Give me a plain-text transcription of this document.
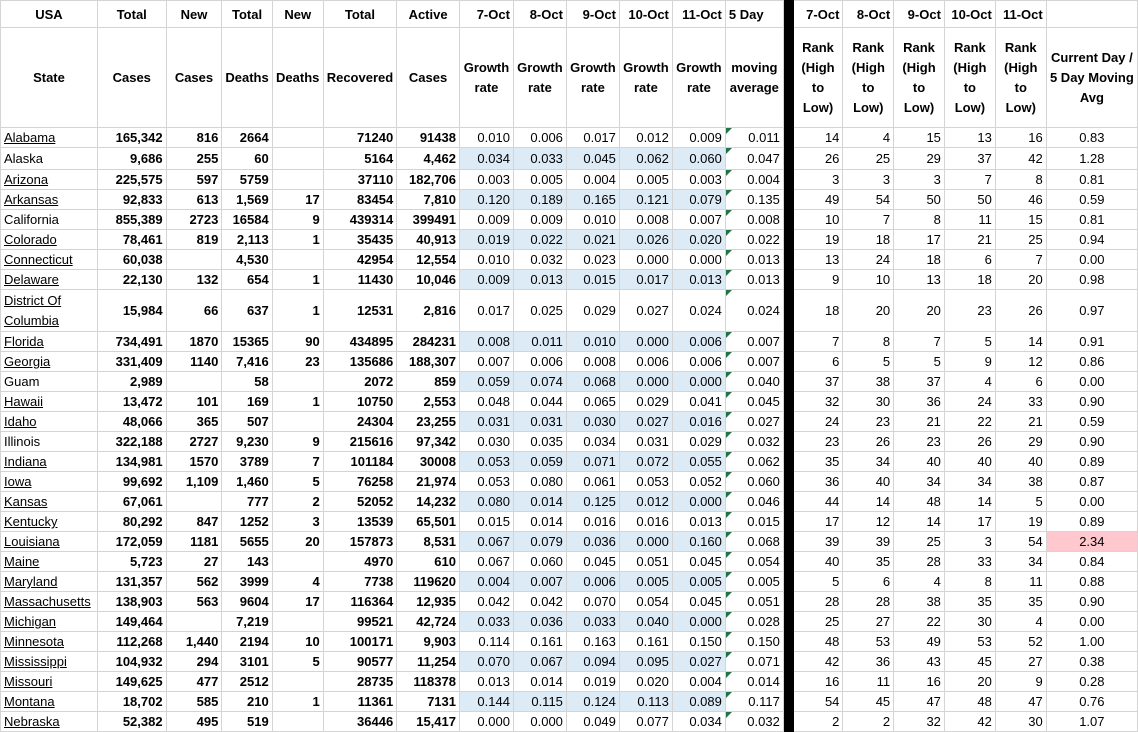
USA	Total	New	Total	New	Total	Active	7-Oct	8-Oct	9-Oct	10-Oct	11-Oct	5 Day		7-Oct	8-Oct	9-Oct	10-Oct	11-Oct	
State	Cases	Cases	Deaths	Deaths	Recovered	Cases	Growth rate	Growth rate	Growth rate	Growth rate	Growth rate	moving average		Rank (High to Low)	Rank (High to Low)	Rank (High to Low)	Rank (High to Low)	Rank (High to Low)	Current Day / 5 Day Moving Avg
Alabama	165,342	816	2664		71240	91438	0.010	0.006	0.017	0.012	0.009	0.011		14	4	15	13	16	0.83
Alaska	9,686	255	60		5164	4,462	0.034	0.033	0.045	0.062	0.060	0.047		26	25	29	37	42	1.28
Arizona	225,575	597	5759		37110	182,706	0.003	0.005	0.004	0.005	0.003	0.004		3	3	3	7	8	0.81
Arkansas	92,833	613	1,569	17	83454	7,810	0.120	0.189	0.165	0.121	0.079	0.135		49	54	50	50	46	0.59
California	855,389	2723	16584	9	439314	399491	0.009	0.009	0.010	0.008	0.007	0.008		10	7	8	11	15	0.81
Colorado	78,461	819	2,113	1	35435	40,913	0.019	0.022	0.021	0.026	0.020	0.022		19	18	17	21	25	0.94
Connecticut	60,038		4,530		42954	12,554	0.010	0.032	0.023	0.000	0.000	0.013		13	24	18	6	7	0.00
Delaware	22,130	132	654	1	11430	10,046	0.009	0.013	0.015	0.017	0.013	0.013		9	10	13	18	20	0.98
District Of Columbia	15,984	66	637	1	12531	2,816	0.017	0.025	0.029	0.027	0.024	0.024		18	20	20	23	26	0.97
Florida	734,491	1870	15365	90	434895	284231	0.008	0.011	0.010	0.000	0.006	0.007		7	8	7	5	14	0.91
Georgia	331,409	1140	7,416	23	135686	188,307	0.007	0.006	0.008	0.006	0.006	0.007		6	5	5	9	12	0.86
Guam	2,989		58		2072	859	0.059	0.074	0.068	0.000	0.000	0.040		37	38	37	4	6	0.00
Hawaii	13,472	101	169	1	10750	2,553	0.048	0.044	0.065	0.029	0.041	0.045		32	30	36	24	33	0.90
Idaho	48,066	365	507		24304	23,255	0.031	0.031	0.030	0.027	0.016	0.027		24	23	21	22	21	0.59
Illinois	322,188	2727	9,230	9	215616	97,342	0.030	0.035	0.034	0.031	0.029	0.032		23	26	23	26	29	0.90
Indiana	134,981	1570	3789	7	101184	30008	0.053	0.059	0.071	0.072	0.055	0.062		35	34	40	40	40	0.89
Iowa	99,692	1,109	1,460	5	76258	21,974	0.053	0.080	0.061	0.053	0.052	0.060		36	40	34	34	38	0.87
Kansas	67,061		777	2	52052	14,232	0.080	0.014	0.125	0.012	0.000	0.046		44	14	48	14	5	0.00
Kentucky	80,292	847	1252	3	13539	65,501	0.015	0.014	0.016	0.016	0.013	0.015		17	12	14	17	19	0.89
Louisiana	172,059	1181	5655	20	157873	8,531	0.067	0.079	0.036	0.000	0.160	0.068		39	39	25	3	54	2.34
Maine	5,723	27	143		4970	610	0.067	0.060	0.045	0.051	0.045	0.054		40	35	28	33	34	0.84
Maryland	131,357	562	3999	4	7738	119620	0.004	0.007	0.006	0.005	0.005	0.005		5	6	4	8	11	0.88
Massachusetts	138,903	563	9604	17	116364	12,935	0.042	0.042	0.070	0.054	0.045	0.051		28	28	38	35	35	0.90
Michigan	149,464		7,219		99521	42,724	0.033	0.036	0.033	0.040	0.000	0.028		25	27	22	30	4	0.00
Minnesota	112,268	1,440	2194	10	100171	9,903	0.114	0.161	0.163	0.161	0.150	0.150		48	53	49	53	52	1.00
Mississippi	104,932	294	3101	5	90577	11,254	0.070	0.067	0.094	0.095	0.027	0.071		42	36	43	45	27	0.38
Missouri	149,625	477	2512		28735	118378	0.013	0.014	0.019	0.020	0.004	0.014		16	11	16	20	9	0.28
Montana	18,702	585	210	1	11361	7131	0.144	0.115	0.124	0.113	0.089	0.117		54	45	47	48	47	0.76
Nebraska	52,382	495	519		36446	15,417	0.000	0.000	0.049	0.077	0.034	0.032		2	2	32	42	30	1.07
